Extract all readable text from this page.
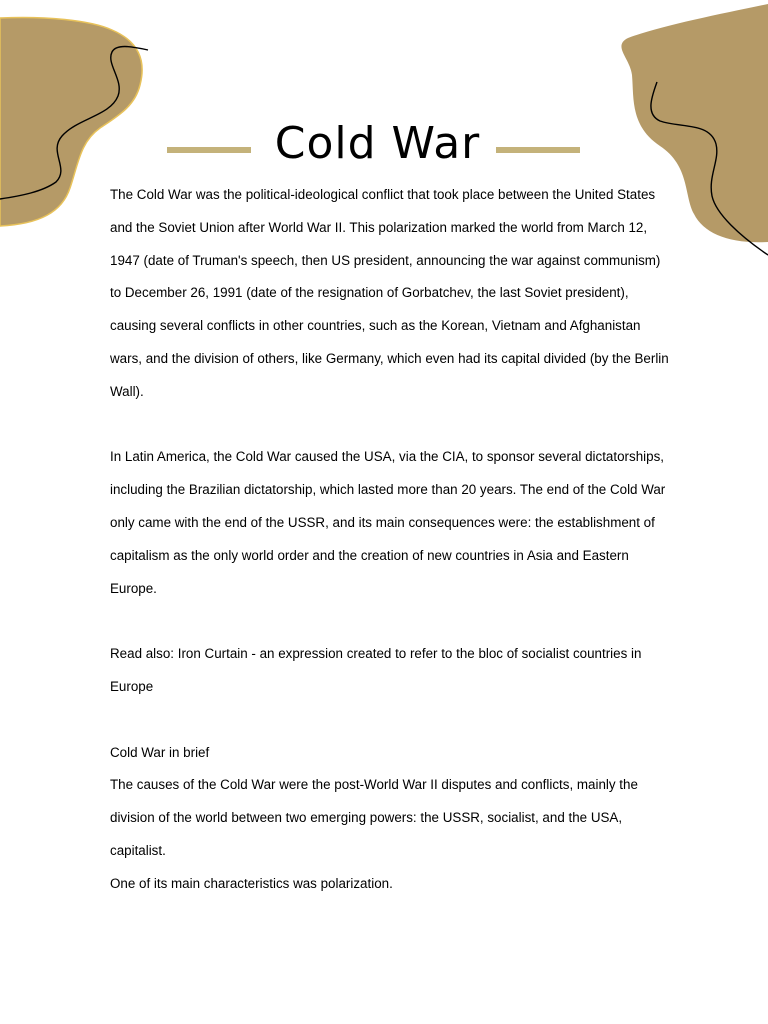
Cold War

The Cold War was the political-ideological conflict that took place between the United States and the Soviet Union after World War II. This polarization marked the world from March 12, 1947 (date of Truman's speech, then US president, announcing the war against communism) to December 26, 1991 (date of the resignation of Gorbatchev, the last Soviet president), causing several conflicts in other countries, such as the Korean, Vietnam and Afghanistan wars, and the division of others, like Germany, which even had its capital divided (by the Berlin Wall).

In Latin America, the Cold War caused the USA, via the CIA, to sponsor several dictatorships, including the Brazilian dictatorship, which lasted more than 20 years. The end of the Cold War only came with the end of the USSR, and its main consequences were: the establishment of capitalism as the only world order and the creation of new countries in Asia and Eastern Europe.

Read also: Iron Curtain - an expression created to refer to the bloc of socialist countries in Europe

Cold War in brief

The causes of the Cold War were the post-World War II disputes and conflicts, mainly the division of the world between two emerging powers: the USSR, socialist, and the USA, capitalist.

One of its main characteristics was polarization.
